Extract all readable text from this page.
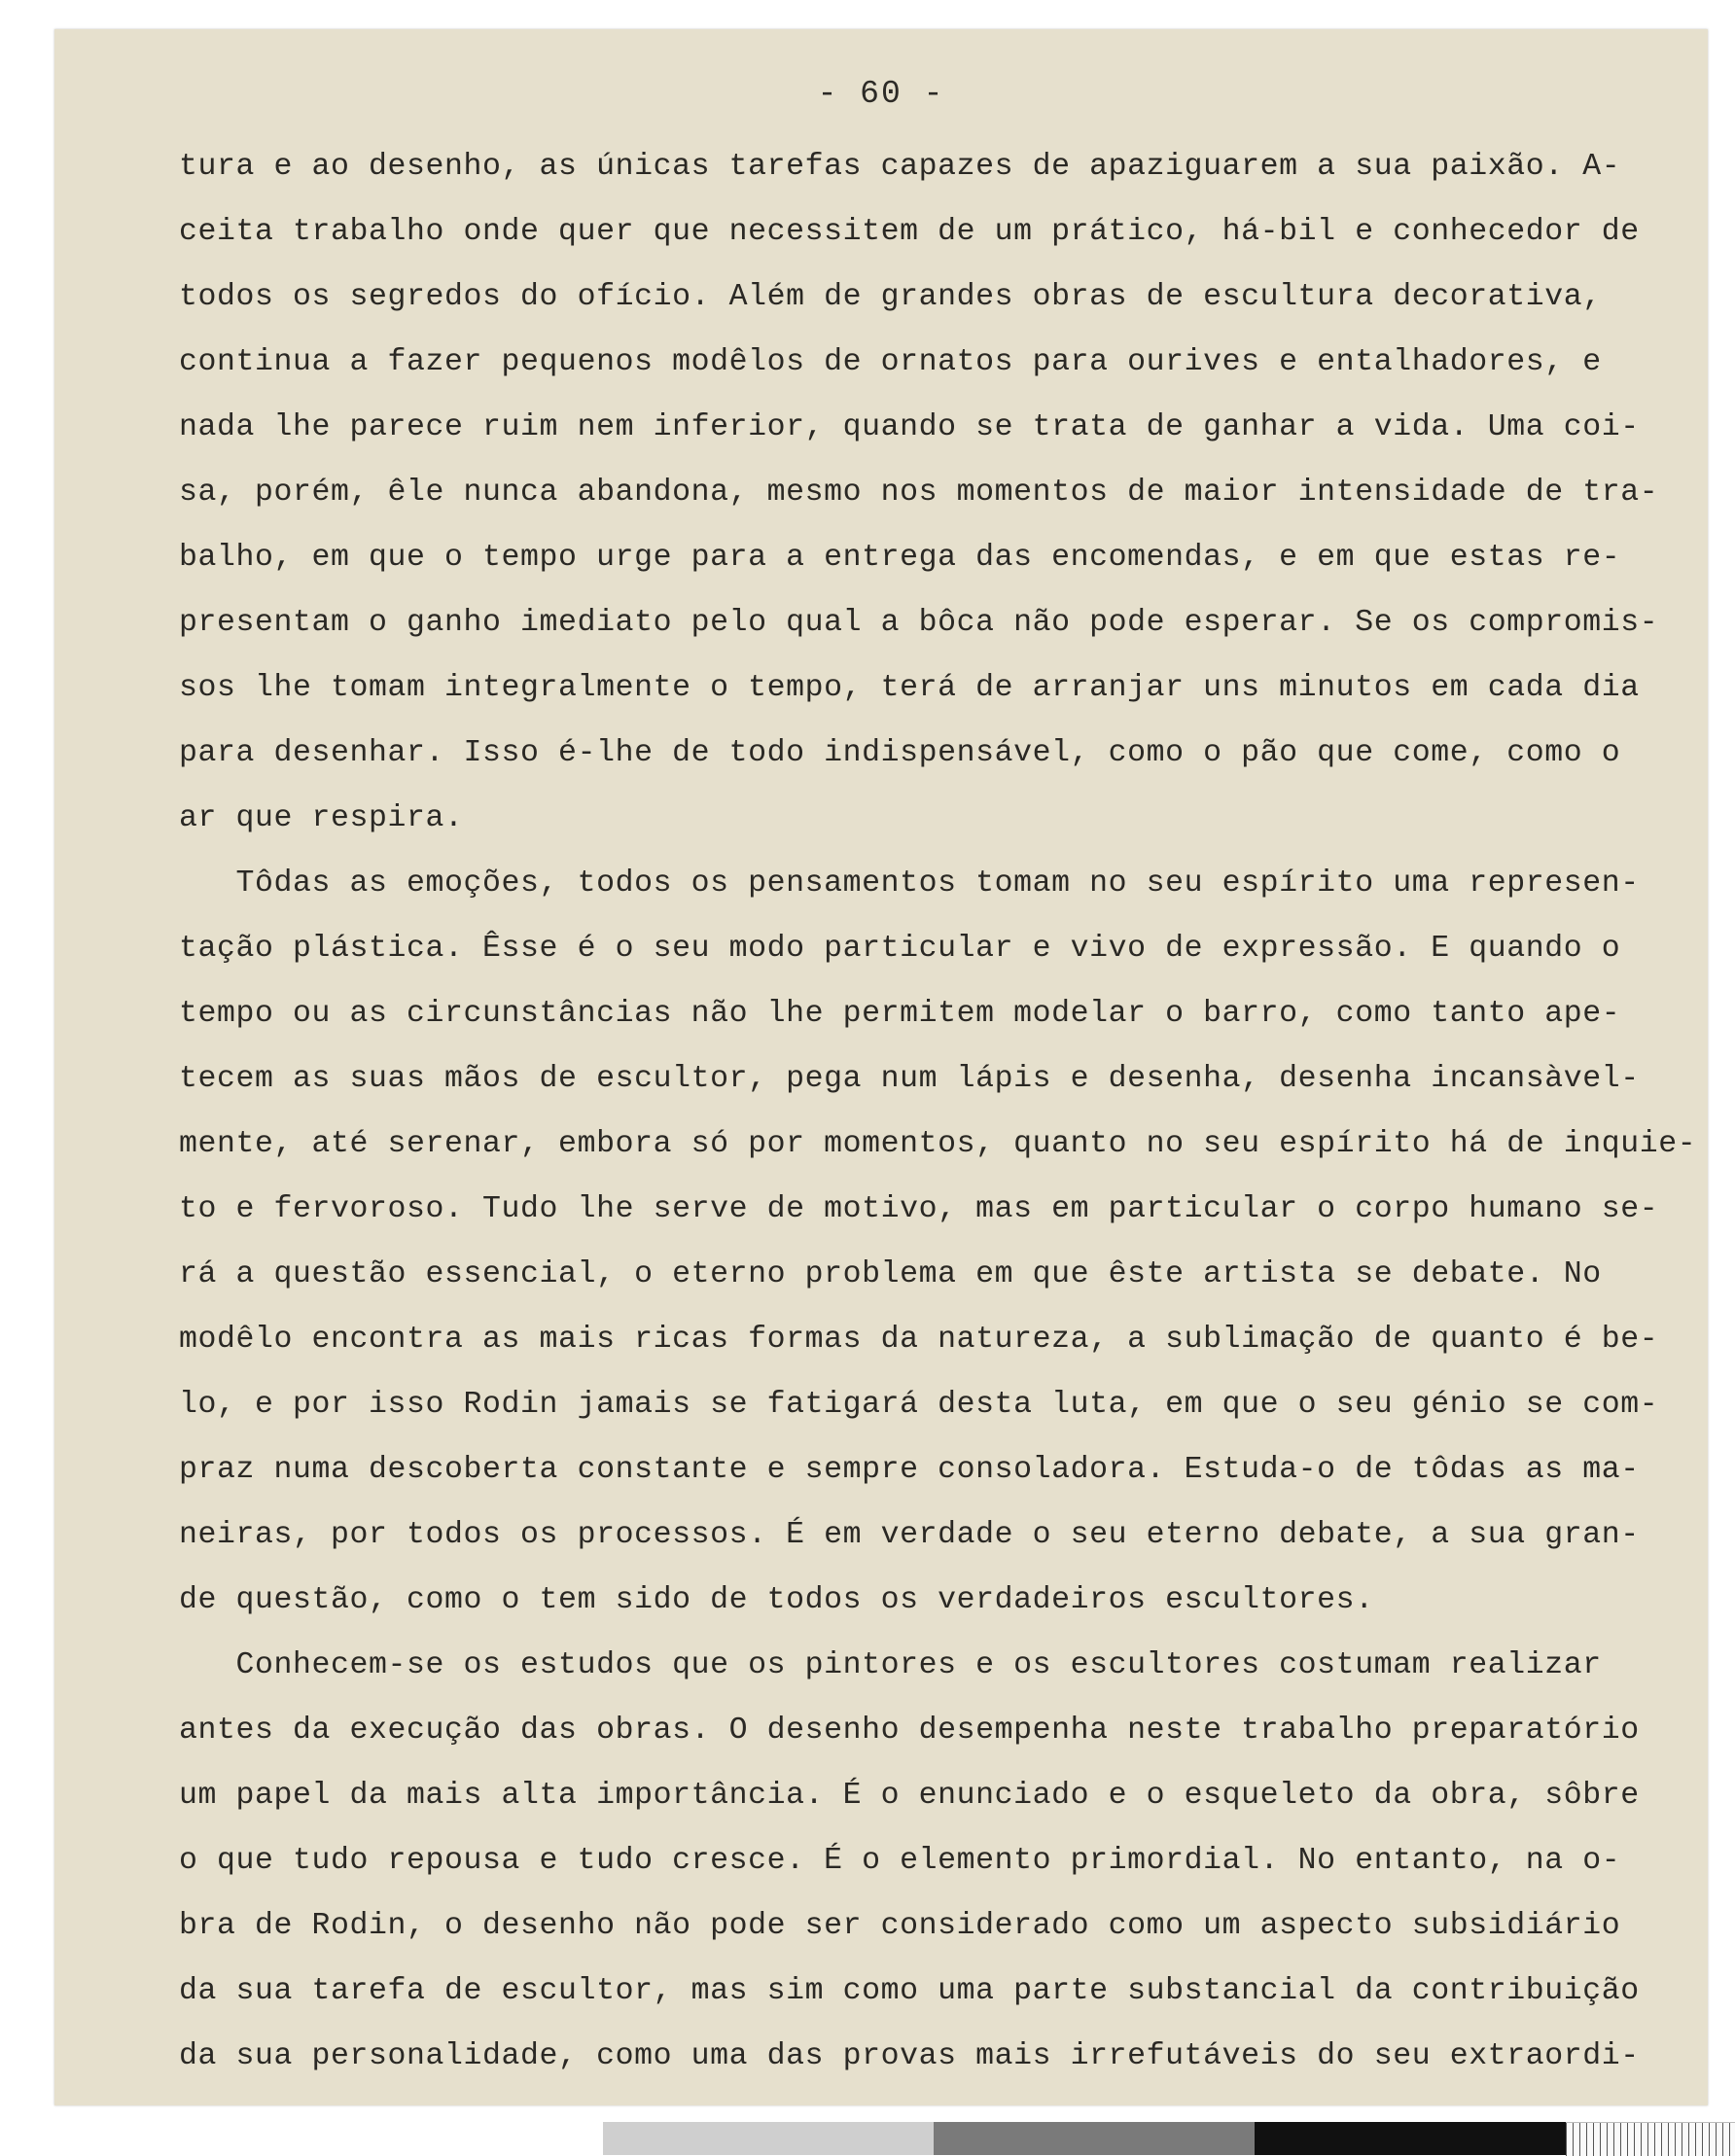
- 60 -
tura e ao desenho, as únicas tarefas capazes de apaziguarem a sua paixão. A-
ceita trabalho onde quer que necessitem de um prático, há-bil e conhecedor de
todos os segredos do ofício. Além de grandes obras de escultura decorativa,
continua a fazer pequenos modêlos de ornatos para ourives e entalhadores, e
nada lhe parece ruim nem inferior, quando se trata de ganhar a vida. Uma coi-
sa, porém, êle nunca abandona, mesmo nos momentos de maior intensidade de tra-
balho, em que o tempo urge para a entrega das encomendas, e em que estas re-
presentam o ganho imediato pelo qual a bôca não pode esperar. Se os compromis-
sos lhe tomam integralmente o tempo, terá de arranjar uns minutos em cada dia
para desenhar. Isso é-lhe de todo indispensável, como o pão que come, como o
ar que respira.
Tôdas as emoções, todos os pensamentos tomam no seu espírito uma represen-
tação plástica. Êsse é o seu modo particular e vivo de expressão. E quando o
tempo ou as circunstâncias não lhe permitem modelar o barro, como tanto ape-
tecem as suas mãos de escultor, pega num lápis e desenha, desenha incansàvel-
mente, até serenar, embora só por momentos, quanto no seu espírito há de inquie-
to e fervoroso. Tudo lhe serve de motivo, mas em particular o corpo humano se-
rá a questão essencial, o eterno problema em que êste artista se debate. No
modêlo encontra as mais ricas formas da natureza, a sublimação de quanto é be-
lo, e por isso Rodin jamais se fatigará desta luta, em que o seu génio se com-
praz numa descoberta constante e sempre consoladora. Estuda-o de tôdas as ma-
neiras, por todos os processos. É em verdade o seu eterno debate, a sua gran-
de questão, como o tem sido de todos os verdadeiros escultores.
Conhecem-se os estudos que os pintores e os escultores costumam realizar
antes da execução das obras. O desenho desempenha neste trabalho preparatório
um papel da mais alta importância. É o enunciado e o esqueleto da obra, sôbre
o que tudo repousa e tudo cresce. É o elemento primordial. No entanto, na o-
bra de Rodin, o desenho não pode ser considerado como um aspecto subsidiário
da sua tarefa de escultor, mas sim como uma parte substancial da contribuição
da sua personalidade, como uma das provas mais irrefutáveis do seu extraordi-
